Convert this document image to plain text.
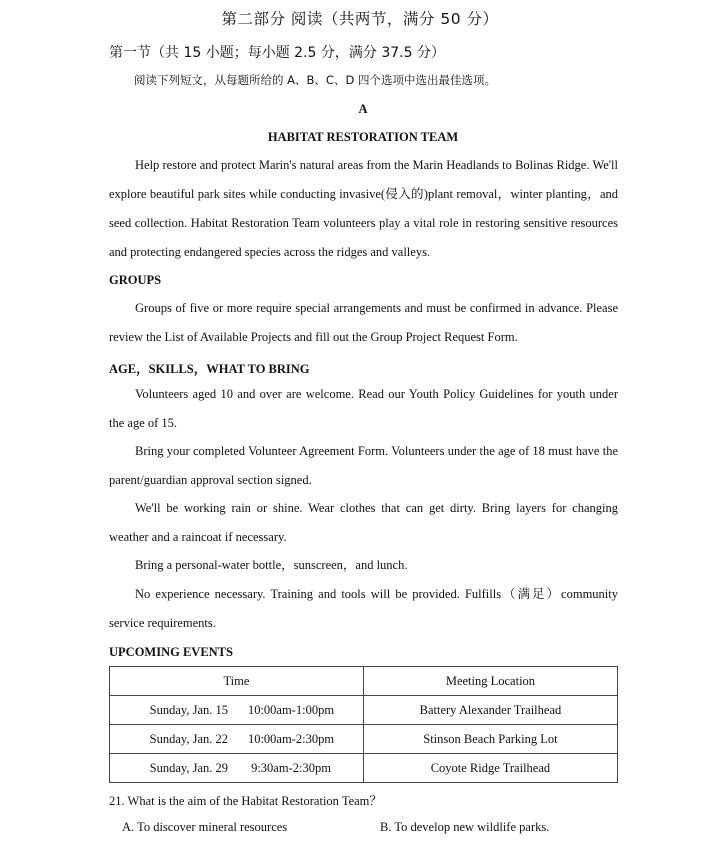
第二部分 阅读（共两节，满分 50 分）
第一节（共 15 小题；每小题 2.5 分，满分 37.5 分）
阅读下列短文，从每题所给的 A、B、C、D 四个选项中选出最佳选项。
A
HABITAT RESTORATION TEAM

Help restore and protect Marin's natural areas from the Marin Headlands to Bolinas Ridge. We'll explore beautiful park sites while conducting invasive(侵入的)plant removal，winter planting，and seed collection. Habitat Restoration Team volunteers play a vital role in restoring sensitive resources and protecting endangered species across the ridges and valleys.

GROUPS

Groups of five or more require special arrangements and must be confirmed in advance. Please review the List of Available Projects and fill out the Group Project Request Form.

AGE，SKILLS，WHAT TO BRING

Volunteers aged 10 and over are welcome. Read our Youth Policy Guidelines for youth under the age of 15.

Bring your completed Volunteer Agreement Form. Volunteers under the age of 18 must have the parent/guardian approval section signed.

We'll be working rain or shine. Wear clothes that can get dirty. Bring layers for changing weather and a raincoat if necessary.

Bring a personal-water bottle，sunscreen，and lunch.

No experience necessary. Training and tools will be provided. Fulfills（满足）community service requirements.

UPCOMING EVENTS
Time	Meeting Location
Sunday, Jan. 15 10:00am-1:00pm	Battery Alexander Trailhead
Sunday, Jan. 22 10:00am-2:30pm	Stinson Beach Parking Lot
Sunday, Jan. 29 9:30am-2:30pm	Coyote Ridge Trailhead
21. What is the aim of the Habitat Restoration Team？
A. To discover mineral resources	B. To develop new wildlife parks.
